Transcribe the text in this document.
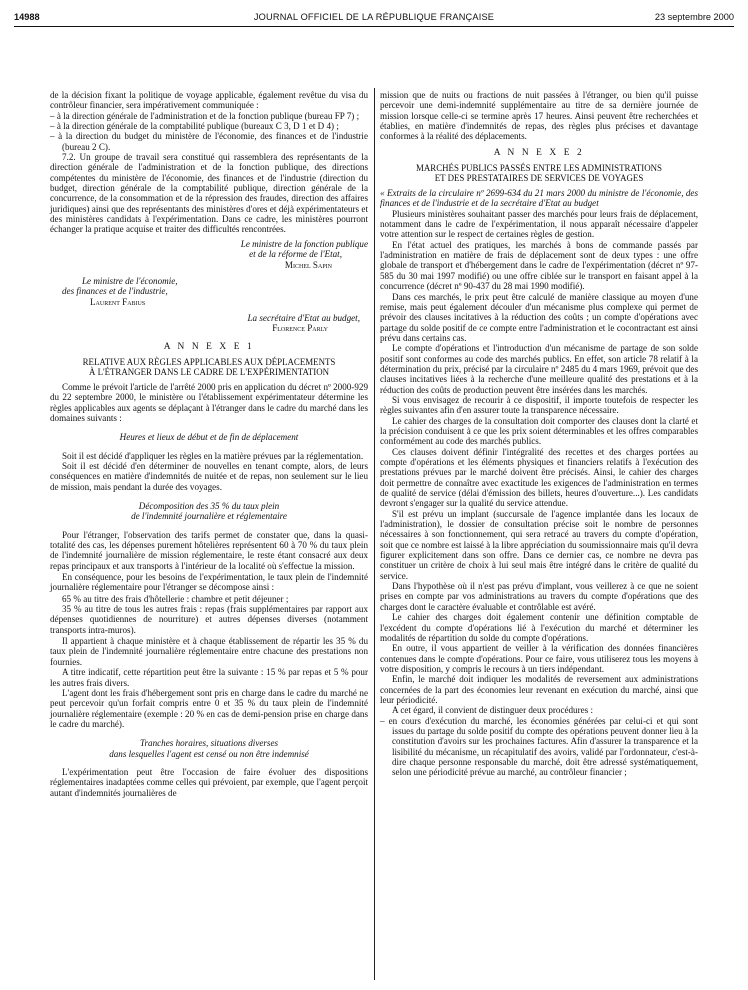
14988	JOURNAL OFFICIEL DE LA RÉPUBLIQUE FRANÇAISE	23 septembre 2000

de la décision fixant la politique de voyage applicable, également revêtue du visa du contrôleur financier, sera impérativement communiquée :

– à la direction générale de l'administration et de la fonction publique (bureau FP 7) ;

– à la direction générale de la comptabilité publique (bureaux C 3, D 1 et D 4) ;

– à la direction du budget du ministère de l'économie, des finances et de l'industrie (bureau 2 C).

7.2. Un groupe de travail sera constitué qui rassemblera des représentants de la direction générale de l'administration et de la fonction publique, des directions compétentes du ministère de l'économie, des finances et de l'industrie (direction du budget, direction générale de la comptabilité publique, direction générale de la concurrence, de la consommation et de la répression des fraudes, direction des affaires juridiques) ainsi que des représentants des ministères d'ores et déjà expérimentateurs et des ministères candidats à l'expérimentation. Dans ce cadre, les ministères pourront échanger la pratique acquise et traiter des difficultés rencontrées.

Le ministre de la fonction publique

et de la réforme de l'Etat,

Michel Sapin

Le ministre de l'économie,

des finances et de l'industrie,

Laurent Fabius

La secrétaire d'Etat au budget,

Florence Parly

A N N E X E 1
RELATIVE AUX RÈGLES APPLICABLES AUX DÉPLACEMENTS
À L'ÉTRANGER DANS LE CADRE DE L'EXPÉRIMENTATION

Comme le prévoit l'article de l'arrêté 2000 pris en application du décret nº 2000-929 du 22 septembre 2000, le ministère ou l'établissement expérimentateur détermine les règles applicables aux agents se déplaçant à l'étranger dans le cadre du marché dans les domaines suivants :

Heures et lieux de début et de fin de déplacement

Soit il est décidé d'appliquer les règles en la matière prévues par la réglementation.

Soit il est décidé d'en déterminer de nouvelles en tenant compte, alors, de leurs conséquences en matière d'indemnités de nuitée et de repas, non seulement sur le lieu de mission, mais pendant la durée des voyages.

Décomposition des 35 % du taux plein
de l'indemnité journalière et réglementaire

Pour l'étranger, l'observation des tarifs permet de constater que, dans la quasi-totalité des cas, les dépenses purement hôtelières représentent 60 à 70 % du taux plein de l'indemnité journalière de mission réglementaire, le reste étant consacré aux deux repas principaux et aux transports à l'intérieur de la localité où s'effectue la mission.

En conséquence, pour les besoins de l'expérimentation, le taux plein de l'indemnité journalière réglementaire pour l'étranger se décompose ainsi :

65 % au titre des frais d'hôtellerie : chambre et petit déjeuner ;

35 % au titre de tous les autres frais : repas (frais supplémentaires par rapport aux dépenses quotidiennes de nourriture) et autres dépenses diverses (notamment transports intra-muros).

Il appartient à chaque ministère et à chaque établissement de répartir les 35 % du taux plein de l'indemnité journalière réglementaire entre chacune des prestations non fournies.

A titre indicatif, cette répartition peut être la suivante : 15 % par repas et 5 % pour les autres frais divers.

L'agent dont les frais d'hébergement sont pris en charge dans le cadre du marché ne peut percevoir qu'un forfait compris entre 0 et 35 % du taux plein de l'indemnité journalière réglementaire (exemple : 20 % en cas de demi-pension prise en charge dans le cadre du marché).

Tranches horaires, situations diverses
dans lesquelles l'agent est censé ou non être indemnisé

L'expérimentation peut être l'occasion de faire évoluer des dispositions réglementaires inadaptées comme celles qui prévoient, par exemple, que l'agent perçoit autant d'indemnités journalières de

mission que de nuits ou fractions de nuit passées à l'étranger, ou bien qu'il puisse percevoir une demi-indemnité supplémentaire au titre de sa dernière journée de mission lorsque celle-ci se termine après 17 heures. Ainsi peuvent être recherchées et établies, en matière d'indemnités de repas, des règles plus précises et davantage conformes à la réalité des déplacements.

A N N E X E 2
MARCHÉS PUBLICS PASSÉS ENTRE LES ADMINISTRATIONS
ET DES PRESTATAIRES DE SERVICES DE VOYAGES

« Extraits de la circulaire nº 2699-634 du 21 mars 2000 du ministre de l'économie, des finances et de l'industrie et de la secrétaire d'Etat au budget

Plusieurs ministères souhaitant passer des marchés pour leurs frais de déplacement, notamment dans le cadre de l'expérimentation, il nous apparaît nécessaire d'appeler votre attention sur le respect de certaines règles de gestion.

En l'état actuel des pratiques, les marchés à bons de commande passés par l'administration en matière de frais de déplacement sont de deux types : une offre globale de transport et d'hébergement dans le cadre de l'expérimentation (décret nº 97-585 du 30 mai 1997 modifié) ou une offre ciblée sur le transport en faisant appel à la concurrence (décret nº 90-437 du 28 mai 1990 modifié).

Dans ces marchés, le prix peut être calculé de manière classique au moyen d'une remise, mais peut également découler d'un mécanisme plus complexe qui permet de prévoir des clauses incitatives à la réduction des coûts ; un compte d'opérations avec partage du solde positif de ce compte entre l'administration et le cocontractant est ainsi prévu dans certains cas.

Le compte d'opérations et l'introduction d'un mécanisme de partage de son solde positif sont conformes au code des marchés publics. En effet, son article 78 relatif à la détermination du prix, précisé par la circulaire nº 2485 du 4 mars 1969, prévoit que des clauses incitatives liées à la recherche d'une meilleure qualité des prestations et à la réduction des coûts de production peuvent être insérées dans les marchés.

Si vous envisagez de recourir à ce dispositif, il importe toutefois de respecter les règles suivantes afin d'en assurer toute la transparence nécessaire.

Le cahier des charges de la consultation doit comporter des clauses dont la clarté et la précision conduisent à ce que les prix soient déterminables et les offres comparables conformément au code des marchés publics.

Ces clauses doivent définir l'intégralité des recettes et des charges portées au compte d'opérations et les éléments physiques et financiers relatifs à l'exécution des prestations prévues par le marché doivent être précisés. Ainsi, le cahier des charges doit permettre de connaître avec exactitude les exigences de l'administration en termes de qualité de service (délai d'émission des billets, heures d'ouverture...). Les candidats devront s'engager sur la qualité du service attendue.

S'il est prévu un implant (succursale de l'agence implantée dans les locaux de l'administration), le dossier de consultation précise soit le nombre de personnes nécessaires à son fonctionnement, qui sera retracé au travers du compte d'opération, soit que ce nombre est laissé à la libre appréciation du soumissionnaire mais qu'il devra figurer explicitement dans son offre. Dans ce dernier cas, ce nombre ne devra pas constituer un critère de choix à lui seul mais être intégré dans le critère de qualité du service.

Dans l'hypothèse où il n'est pas prévu d'implant, vous veillerez à ce que ne soient prises en compte par vos administrations au travers du compte d'opérations que des charges dont le caractère évaluable et contrôlable est avéré.

Le cahier des charges doit également contenir une définition comptable de l'excédent du compte d'opérations lié à l'exécution du marché et déterminer les modalités de répartition du solde du compte d'opérations.

En outre, il vous appartient de veiller à la vérification des données financières contenues dans le compte d'opérations. Pour ce faire, vous utiliserez tous les moyens à votre disposition, y compris le recours à un tiers indépendant.

Enfin, le marché doit indiquer les modalités de reversement aux administrations concernées de la part des économies leur revenant en exécution du marché, ainsi que leur périodicité.

A cet égard, il convient de distinguer deux procédures :

– en cours d'exécution du marché, les économies générées par celui-ci et qui sont issues du partage du solde positif du compte des opérations peuvent donner lieu à la constitution d'avoirs sur les prochaines factures. Afin d'assurer la transparence et la lisibilité du mécanisme, un récapitulatif des avoirs, validé par l'ordonnateur, c'est-à-dire chaque personne responsable du marché, doit être adressé systématiquement, selon une périodicité prévue au marché, au contrôleur financier ;
